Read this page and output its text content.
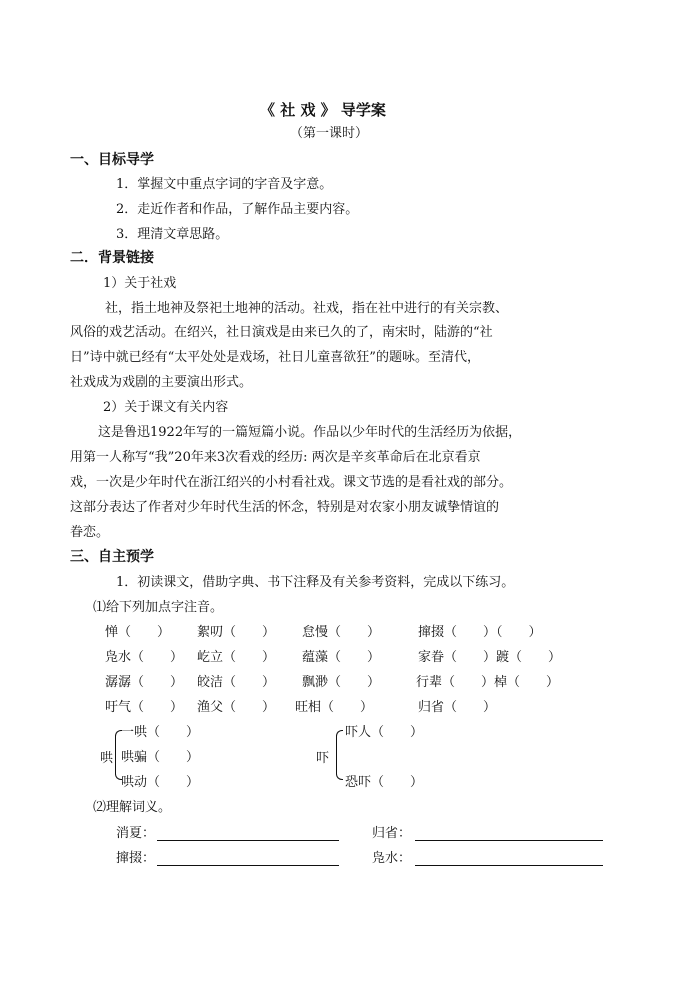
《 社 戏 》 导学案
（第一课时）
一、目标导学
1．掌握文中重点字词的字音及字意。
2．走近作者和作品，了解作品主要内容。
3．理清文章思路。
二．背景链接
1）关于社戏
社，指土地神及祭祀土地神的活动。社戏，指在社中进行的有关宗教、
风俗的戏艺活动。在绍兴，社日演戏是由来已久的了，南宋时，陆游的“社
日”诗中就已经有“太平处处是戏场，社日儿童喜欲狂”的题咏。至清代，
社戏成为戏剧的主要演出形式。
2）关于课文有关内容
这是鲁迅1922年写的一篇短篇小说。作品以少年时代的生活经历为依据，
用第一人称写“我”20年来3次看戏的经历: 两次是辛亥革命后在北京看京
戏，一次是少年时代在浙江绍兴的小村看社戏。课文节选的是看社戏的部分。
这部分表达了作者对少年时代生活的怀念，特别是对农家小朋友诚挚情谊的
眷恋。
三、自主预学
1．初读课文，借助字典、书下注释及有关参考资料，完成以下练习。
⑴给下列加点字注音。
惮（　　） 絮叨（　　） 怠慢（　　）	撺掇（　　）（　　）
凫水（　　） 屹立（　　） 蕴藻（　　）	家眷（　　）踱（　　）
潺潺（　　） 皎洁（　　） 飘渺（　　）	行辈（　　）棹（　　）
吁气（　　） 渔父（　　） 旺相（　　）	归省（　　）
哄
一哄（　　）
哄骗（　　）
哄动（　　）
吓
吓人（　　）
恐吓（　　）
⑵理解词义。
消夏：	归省：
撺掇：	凫水：
